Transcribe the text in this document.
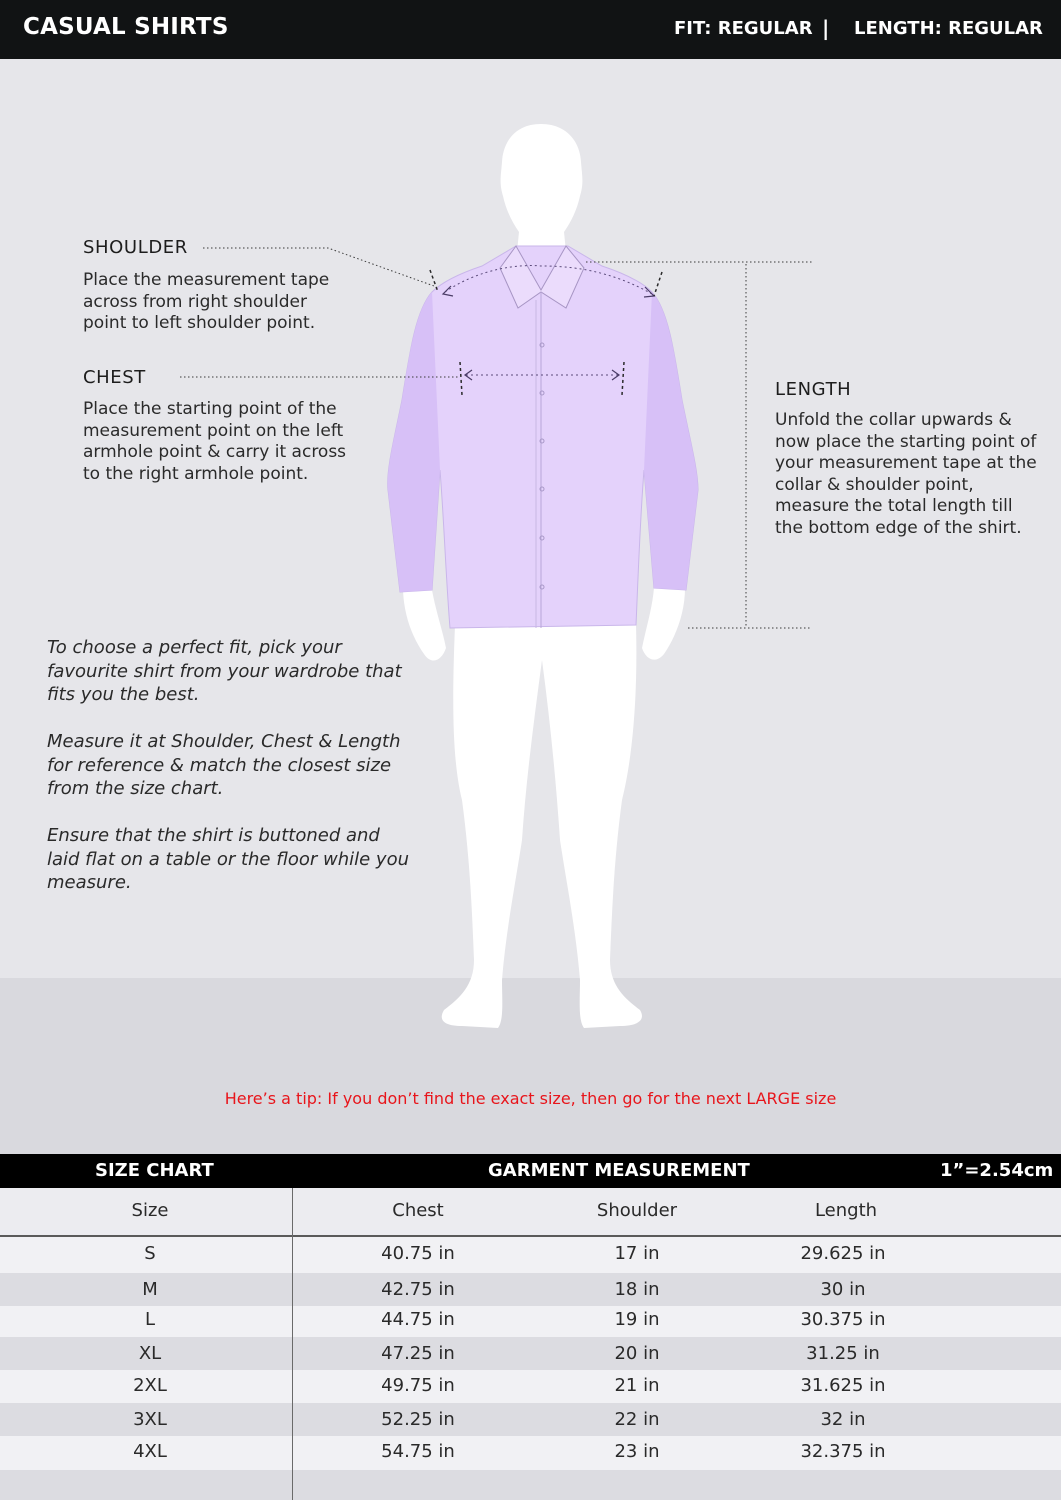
CASUAL SHIRTS	FIT: REGULAR | LENGTH: REGULAR
SHOULDER

Place the measurement tape across from right shoulder point to left shoulder point.

CHEST

Place the starting point of the measurement point on the left armhole point & carry it across to the right armhole point.

LENGTH

Unfold the collar upwards & now place the starting point of your measurement tape at the collar & shoulder point, measure the total length till the bottom edge of the shirt.

To choose a perfect fit, pick your favourite shirt from your wardrobe that fits you the best.

Measure it at Shoulder, Chest & Length for reference & match the closest size from the size chart.

Ensure that the shirt is buttoned and laid flat on a table or the floor while you measure.

Here’s a tip: If you don’t find the exact size, then go for the next LARGE size
SIZE CHART	GARMENT MEASUREMENT	1”=2.54cm
Size	Chest	Shoulder	Length
S	40.75 in	17 in	29.625 in
M	42.75 in	18 in	30 in
L	44.75 in	19 in	30.375 in
XL	47.25 in	20 in	31.25 in
2XL	49.75 in	21 in	31.625 in
3XL	52.25 in	22 in	32 in
4XL	54.75 in	23 in	32.375 in
